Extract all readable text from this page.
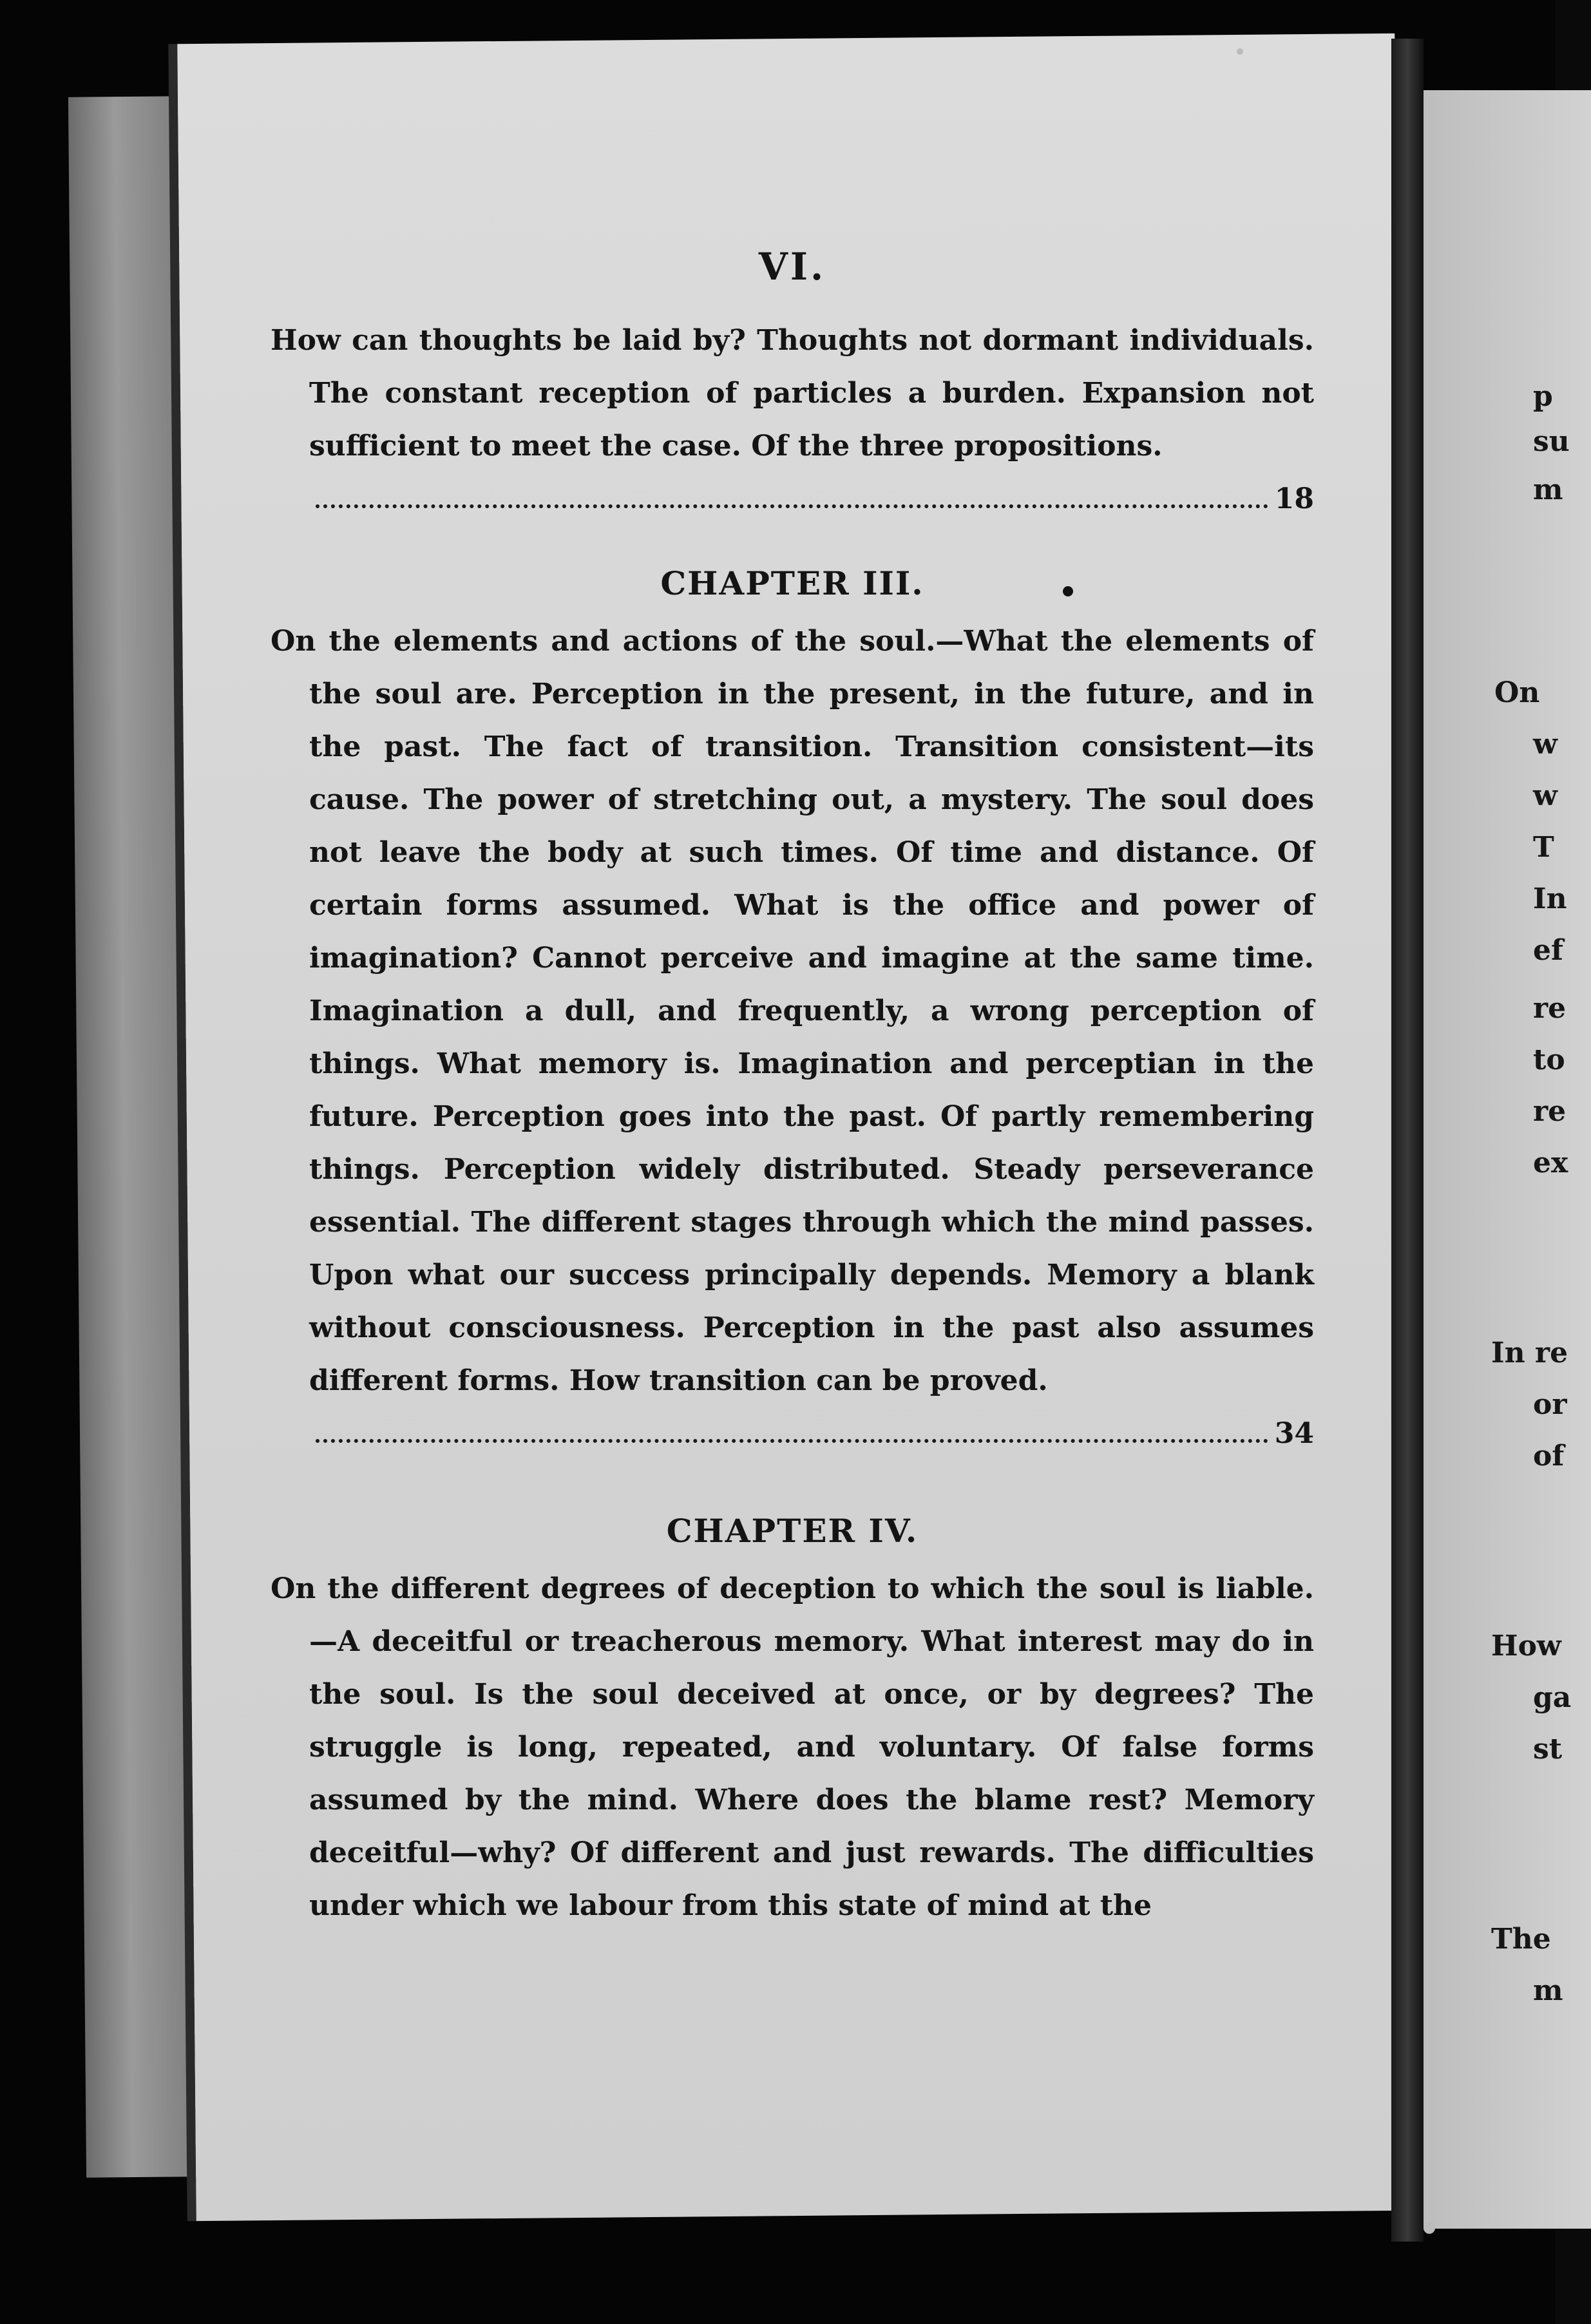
p
su
m
On
w
w
T
In
ef
re
to
re
ex
In re
or
of
How
ga
st
The
m
VI.

How can thoughts be laid by? Thoughts not dormant individuals. The constant reception of particles a burden. Expansion not sufficient to meet the case. Of the three propositions.

18
CHAPTER III.

On the elements and actions of the soul.—What the elements of the soul are. Perception in the present, in the future, and in the past. The fact of transition. Transition consistent—its cause. The power of stretching out, a mystery. The soul does not leave the body at such times. Of time and distance. Of certain forms assumed. What is the office and power of imagination? Cannot perceive and imagine at the same time. Imagination a dull, and frequently, a wrong perception of things. What memory is. Imagination and perceptian in the future. Perception goes into the past. Of partly remembering things. Perception widely distributed. Steady perseverance essential. The different stages through which the mind passes. Upon what our success principally depends. Memory a blank without consciousness. Perception in the past also assumes different forms. How transition can be proved.

34
CHAPTER IV.

On the different degrees of deception to which the soul is liable. —A deceitful or treacherous memory. What interest may do in the soul. Is the soul deceived at once, or by degrees? The struggle is long, repeated, and voluntary. Of false forms assumed by the mind. Where does the blame rest? Memory deceitful—why? Of different and just rewards. The difficulties under which we labour from this state of mind at the
